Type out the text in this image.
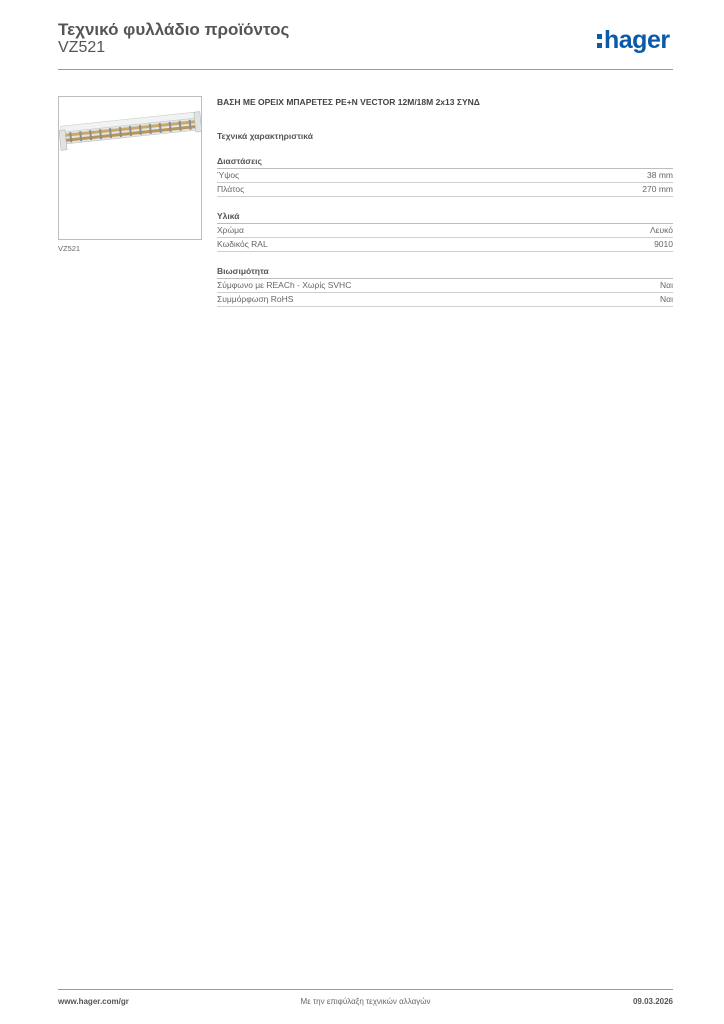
Τεχνικό φυλλάδιο προϊόντος
VZ521	hager
VZ521
ΒΑΣΗ ΜΕ ΟΡΕΙΧ ΜΠΑΡΕΤΕΣ PE+N VECTOR 12M/18M 2x13 ΣΥΝΔ
Τεχνικά χαρακτηριστικά
Διαστάσεις
Ύψος	38 mm
Πλάτος	270 mm
Υλικά
Χρώμα	Λευκό
Κωδικός RAL	9010
Βιωσιμότητα
Σύμφωνο με REACh - Χωρίς SVHC	Ναι
Συμμόρφωση RoHS	Ναι
Με την επιφύλαξη τεχνικών αλλαγών
www.hager.com/gr	09.03.2026
